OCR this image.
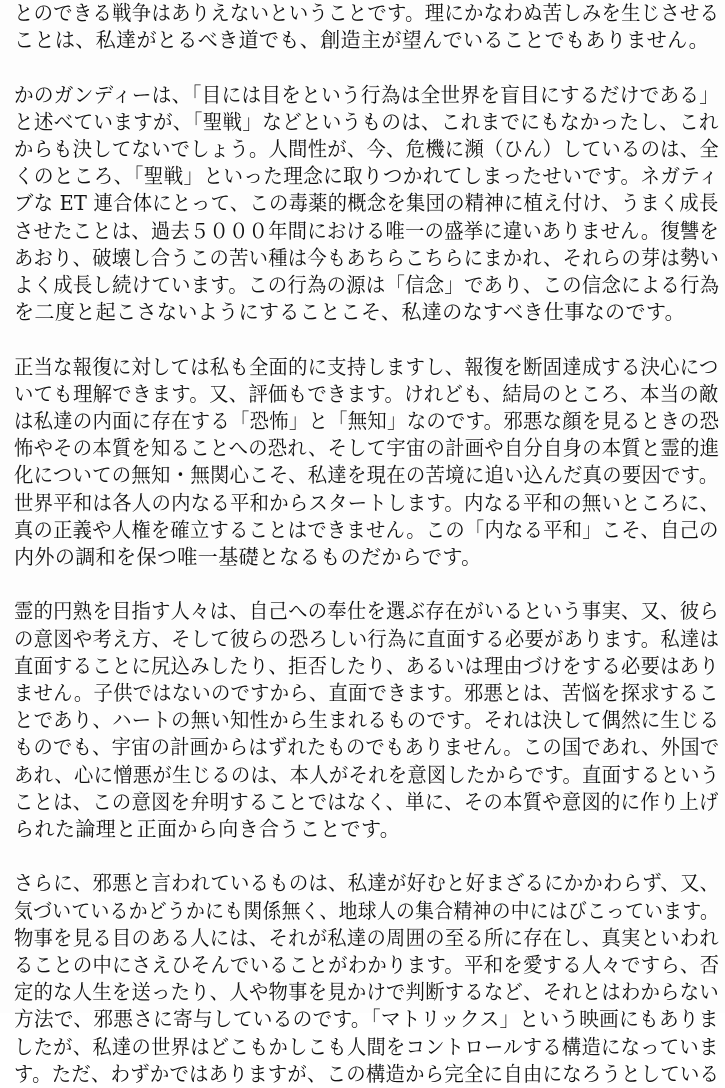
とのできる戦争はありえないということです。理にかなわぬ苦しみを生じさせる
ことは、私達がとるべき道でも、創造主が望んでいることでもありません。
かのガンディーは、「目には目をという行為は全世界を盲目にするだけである」
と述べていますが、「聖戦」などというものは、これまでにもなかったし、これ
からも決してないでしょう。人間性が、今、危機に瀕（ひん）しているのは、全
くのところ、「聖戦」といった理念に取りつかれてしまったせいです。ネガティ
ブな ET 連合体にとって、この毒薬的概念を集団の精神に植え付け、うまく成長
させたことは、過去５０００年間における唯一の盛挙に違いありません。復讐を
あおり、破壊し合うこの苦い種は今もあちらこちらにまかれ、それらの芽は勢い
よく成長し続けています。この行為の源は「信念」であり、この信念による行為
を二度と起こさないようにすることこそ、私達のなすべき仕事なのです。
正当な報復に対しては私も全面的に支持しますし、報復を断固達成する決心につ
いても理解できます。又、評価もできます。けれども、結局のところ、本当の敵
は私達の内面に存在する「恐怖」と「無知」なのです。邪悪な顔を見るときの恐
怖やその本質を知ることへの恐れ、そして宇宙の計画や自分自身の本質と霊的進
化についての無知・無関心こそ、私達を現在の苦境に追い込んだ真の要因です。
世界平和は各人の内なる平和からスタートします。内なる平和の無いところに、
真の正義や人権を確立することはできません。この「内なる平和」こそ、自己の
内外の調和を保つ唯一基礎となるものだからです。
霊的円熟を目指す人々は、自己への奉仕を選ぶ存在がいるという事実、又、彼ら
の意図や考え方、そして彼らの恐ろしい行為に直面する必要があります。私達は
直面することに尻込みしたり、拒否したり、あるいは理由づけをする必要はあり
ません。子供ではないのですから、直面できます。邪悪とは、苦悩を探求するこ
とであり、ハートの無い知性から生まれるものです。それは決して偶然に生じる
ものでも、宇宙の計画からはずれたものでもありません。この国であれ、外国で
あれ、心に憎悪が生じるのは、本人がそれを意図したからです。直面するという
ことは、この意図を弁明することではなく、単に、その本質や意図的に作り上げ
られた論理と正面から向き合うことです。
さらに、邪悪と言われているものは、私達が好むと好まざるにかかわらず、又、
気づいているかどうかにも関係無く、地球人の集合精神の中にはびこっています。
物事を見る目のある人には、それが私達の周囲の至る所に存在し、真実といわれ
ることの中にさえひそんでいることがわかります。平和を愛する人々ですら、否
定的な人生を送ったり、人や物事を見かけで判断するなど、それとはわからない
方法で、邪悪さに寄与しているのです。「マトリックス」という映画にもありま
したが、私達の世界はどこもかしこも人間をコントロールする構造になっていま
す。ただ、わずかではありますが、この構造から完全に自由になろうとしている
